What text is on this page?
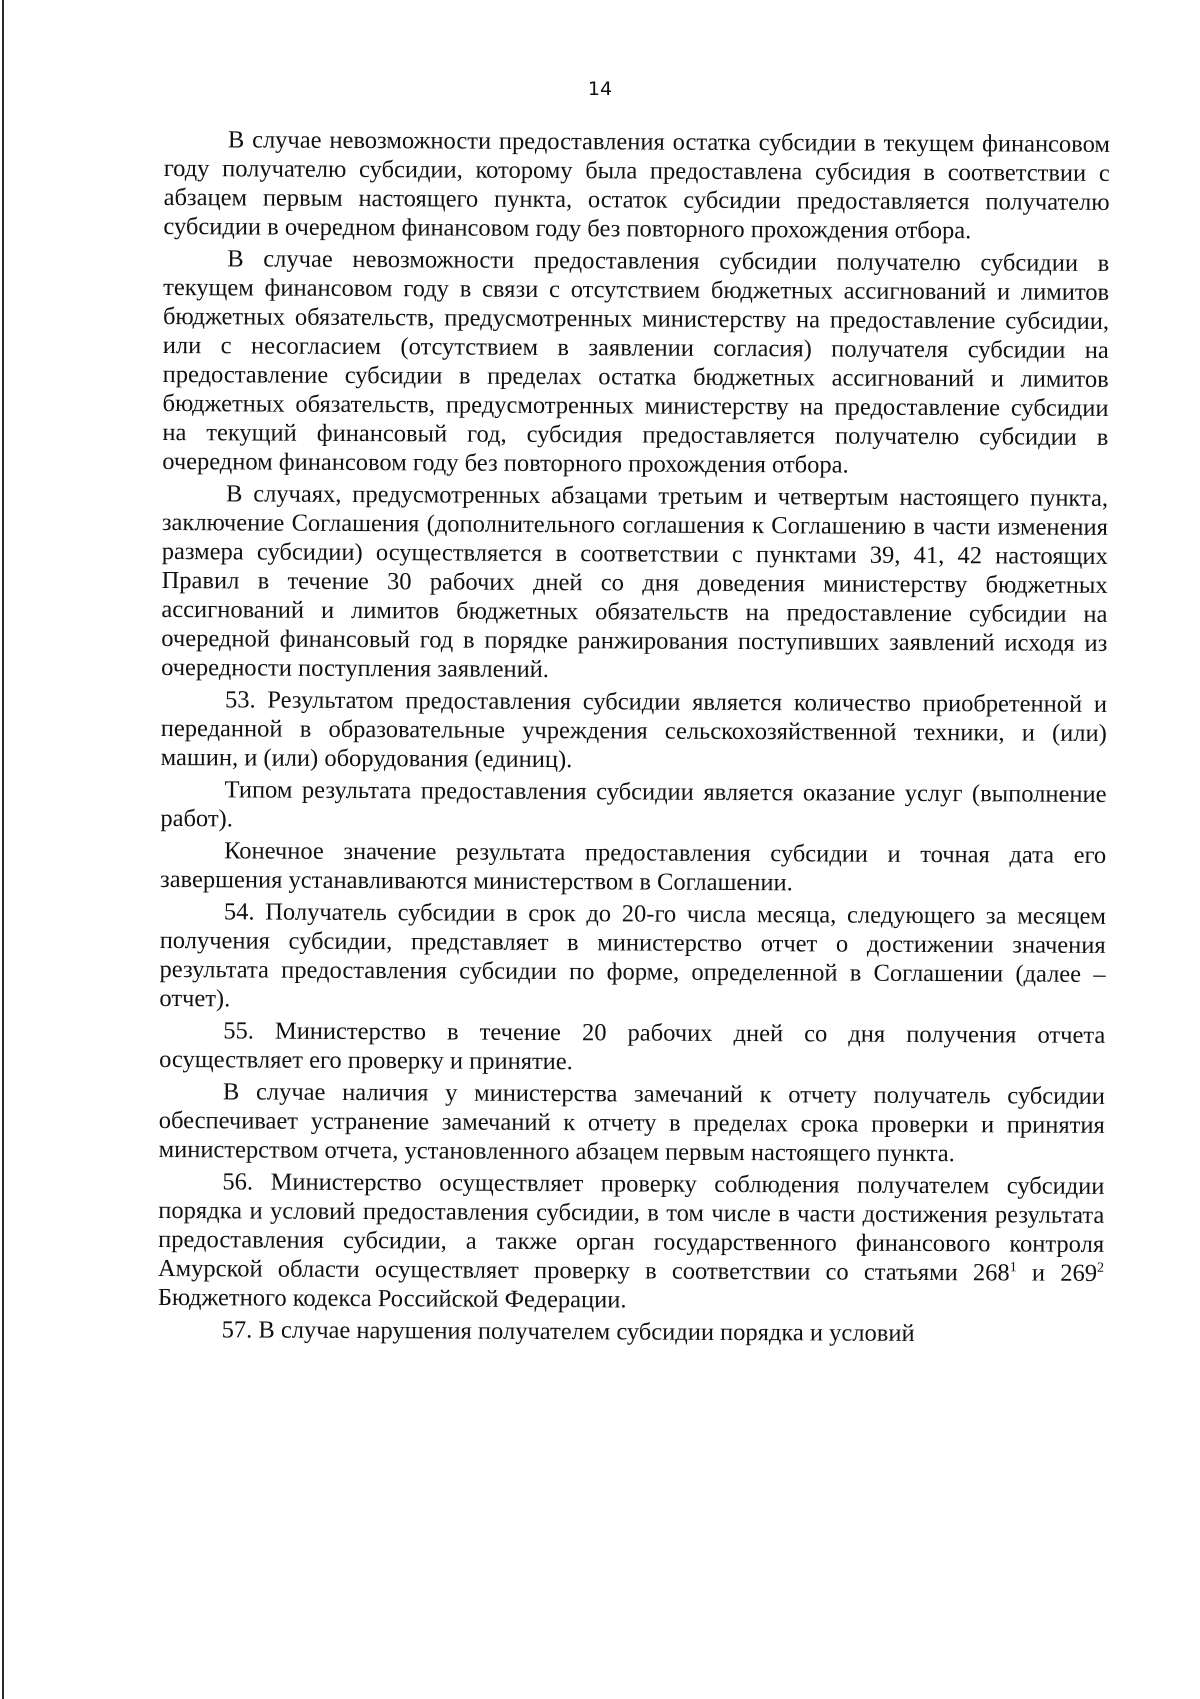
14

В случае невозможности предоставления остатка субсидии в текущем финансовом году получателю субсидии, которому была предоставлена субсидия в соответствии с абзацем первым настоящего пункта, остаток субсидии предоставляется получателю субсидии в очередном финансовом году без повторного прохождения отбора.

В случае невозможности предоставления субсидии получателю субсидии в текущем финансовом году в связи с отсутствием бюджетных ассигнований и лимитов бюджетных обязательств, предусмотренных министерству на предоставление субсидии, или с несогласием (отсутствием в заявлении согласия) получателя субсидии на предоставление субсидии в пределах остатка бюджетных ассигнований и лимитов бюджетных обязательств, предусмотренных министерству на предоставление субсидии на текущий финансовый год, субсидия предоставляется получателю субсидии в очередном финансовом году без повторного прохождения отбора.

В случаях, предусмотренных абзацами третьим и четвертым настоящего пункта, заключение Соглашения (дополнительного соглашения к Соглашению в части изменения размера субсидии) осуществляется в соответствии с пунктами 39, 41, 42 настоящих Правил в течение 30 рабочих дней со дня доведения министерству бюджетных ассигнований и лимитов бюджетных обязательств на предоставление субсидии на очередной финансовый год в порядке ранжирования поступивших заявлений исходя из очередности поступления заявлений.

53. Результатом предоставления субсидии является количество приобретенной и переданной в образовательные учреждения сельскохозяйственной техники, и (или) машин, и (или) оборудования (единиц).

Типом результата предоставления субсидии является оказание услуг (выполнение работ).

Конечное значение результата предоставления субсидии и точная дата его завершения устанавливаются министерством в Соглашении.

54. Получатель субсидии в срок до 20-го числа месяца, следующего за месяцем получения субсидии, представляет в министерство отчет о достижении значения результата предоставления субсидии по форме, определенной в Соглашении (далее – отчет).

55. Министерство в течение 20 рабочих дней со дня получения отчета осуществляет его проверку и принятие.

В случае наличия у министерства замечаний к отчету получатель субсидии обеспечивает устранение замечаний к отчету в пределах срока проверки и принятия министерством отчета, установленного абзацем первым настоящего пункта.

56. Министерство осуществляет проверку соблюдения получателем субсидии порядка и условий предоставления субсидии, в том числе в части достижения результата предоставления субсидии, а также орган государственного финансового контроля Амурской области осуществляет проверку в соответствии со статьями $268^1$ и $269^2$ Бюджетного кодекса Российской Федерации.

57. В случае нарушения получателем субсидии порядка и условий
